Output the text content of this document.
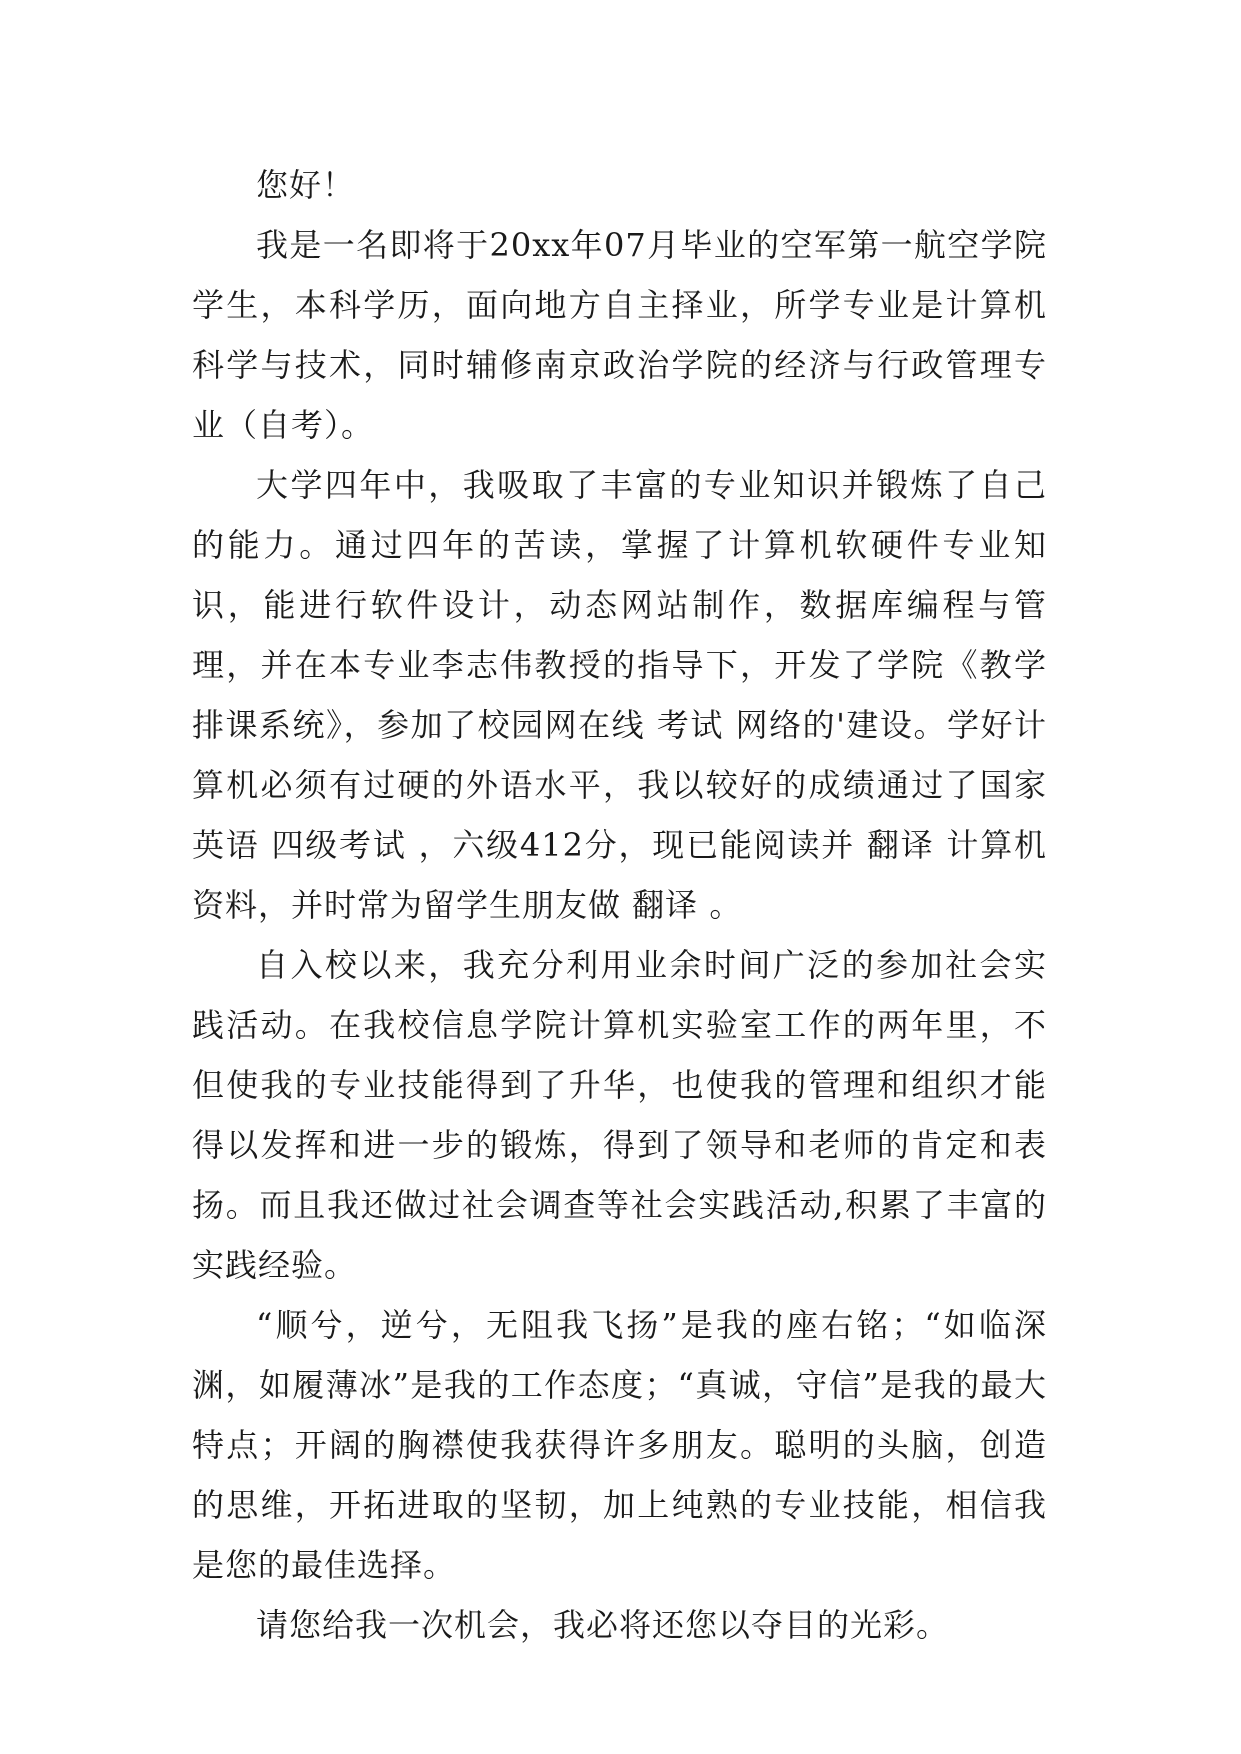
您好！

我是一名即将于20xx年07月毕业的空军第一航空学院学生，本科学历，面向地方自主择业，所学专业是计算机科学与技术，同时辅修南京政治学院的经济与行政管理专业（自考）。

大学四年中，我吸取了丰富的专业知识并锻炼了自己的能力。通过四年的苦读，掌握了计算机软硬件专业知识，能进行软件设计，动态网站制作，数据库编程与管理，并在本专业李志伟教授的指导下，开发了学院《教学排课系统》，参加了校园网在线 考试 网络的'建设。学好计算机必须有过硬的外语水平，我以较好的成绩通过了国家 英语 四级考试 ，六级412分，现已能阅读并 翻译 计算机资料，并时常为留学生朋友做 翻译 。

自入校以来，我充分利用业余时间广泛的参加社会实践活动。在我校信息学院计算机实验室工作的两年里，不但使我的专业技能得到了升华，也使我的管理和组织才能得以发挥和进一步的锻炼，得到了领导和老师的肯定和表扬。而且我还做过社会调查等社会实践活动,积累了丰富的实践经验。

“顺兮，逆兮，无阻我飞扬”是我的座右铭；“如临深渊，如履薄冰”是我的工作态度；“真诚，守信”是我的最大特点；开阔的胸襟使我获得许多朋友。聪明的头脑，创造的思维，开拓进取的坚韧，加上纯熟的专业技能，相信我是您的最佳选择。

请您给我一次机会，我必将还您以夺目的光彩。
